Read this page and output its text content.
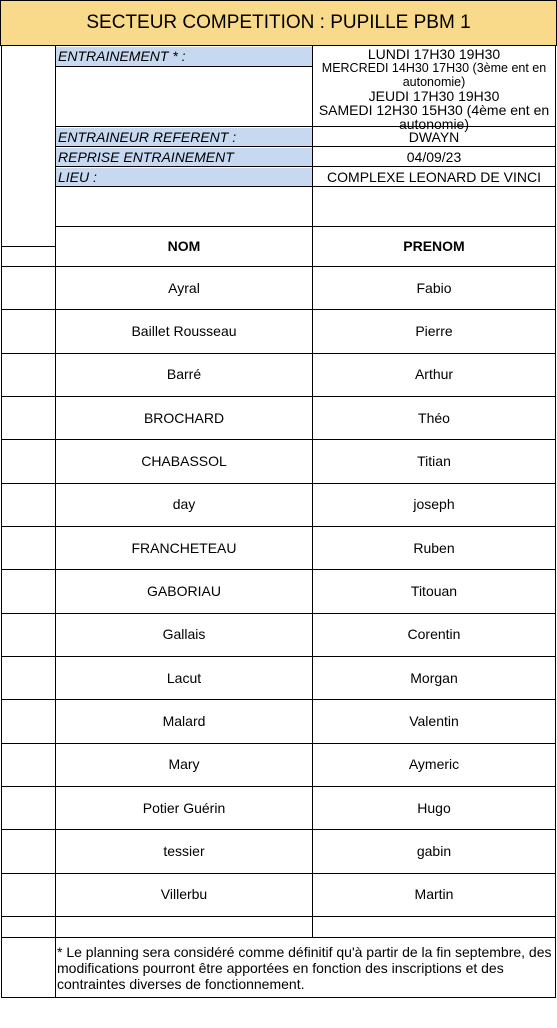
SECTEUR COMPETITION : PUPILLE PBM 1
ENTRAINEMENT * :	LUNDI 17H30 19H30
MERCREDI 14H30 17H30 (3ème ent en autonomie)
JEUDI 17H30 19H30
SAMEDI 12H30 15H30 (4ème ent en autonomie)
ENTRAINEUR REFERENT :	DWAYN
REPRISE ENTRAINEMENT	04/09/23
LIEU :	COMPLEXE LEONARD DE VINCI
NOM	PRENOM
Ayral	Fabio
Baillet Rousseau	Pierre
Barré	Arthur
BROCHARD	Théo
CHABASSOL	Titian
day	joseph
FRANCHETEAU	Ruben
GABORIAU	Titouan
Gallais	Corentin
Lacut	Morgan
Malard	Valentin
Mary	Aymeric
Potier Guérin	Hugo
tessier	gabin
Villerbu	Martin
* Le planning sera considéré comme définitif qu'à partir de la fin septembre, des modifications pourront être apportées en fonction des inscriptions et des contraintes diverses de fonctionnement.
